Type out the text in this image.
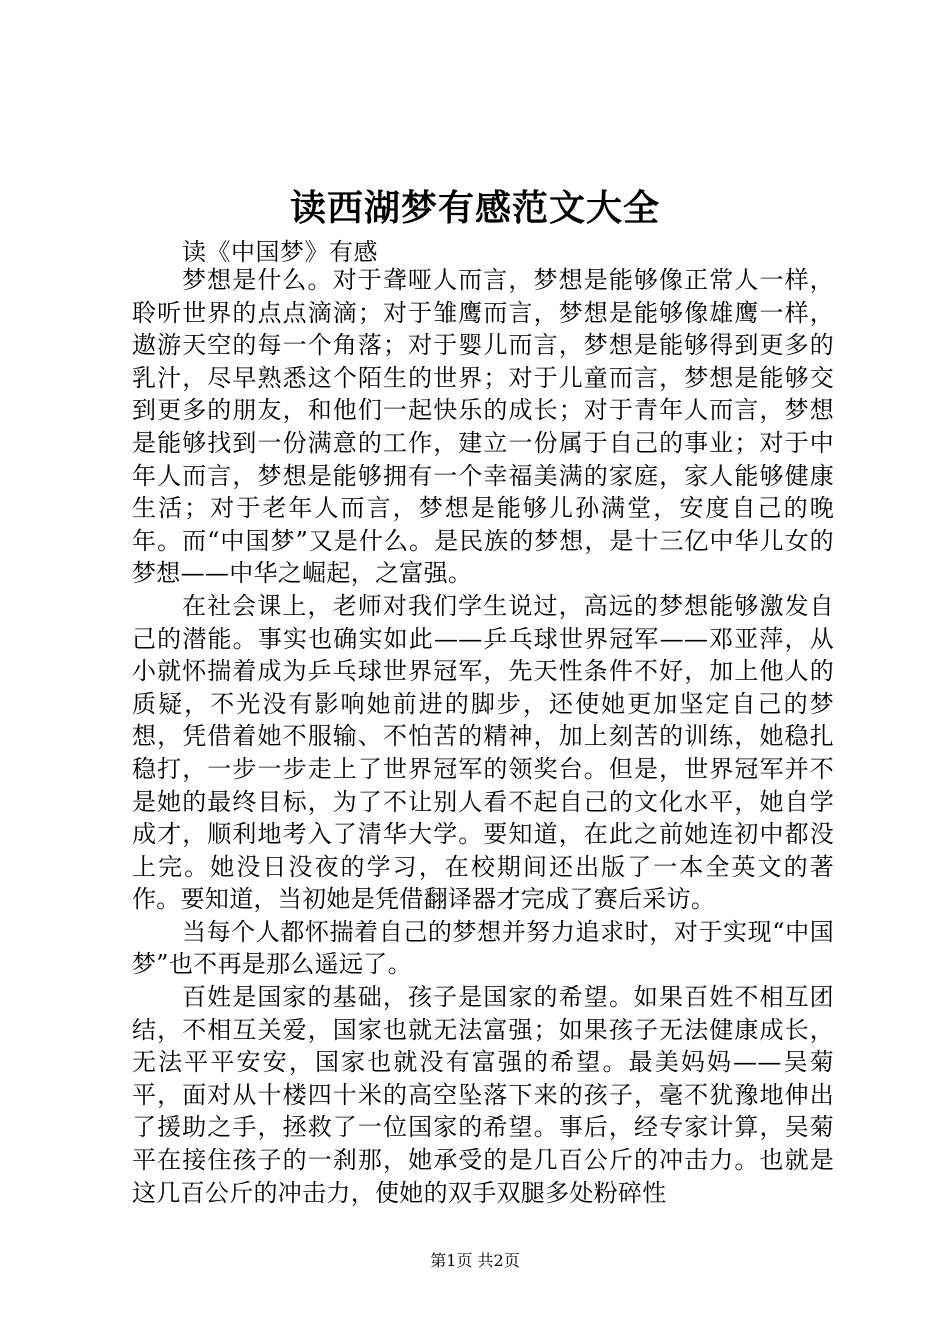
读西湖梦有感范文大全
读《中国梦》有感

梦想是什么。对于聋哑人而言，梦想是能够像正常人一样，聆听世界的点点滴滴；对于雏鹰而言，梦想是能够像雄鹰一样，遨游天空的每一个角落；对于婴儿而言，梦想是能够得到更多的乳汁，尽早熟悉这个陌生的世界；对于儿童而言，梦想是能够交到更多的朋友，和他们一起快乐的成长；对于青年人而言，梦想是能够找到一份满意的工作，建立一份属于自己的事业；对于中年人而言，梦想是能够拥有一个幸福美满的家庭，家人能够健康生活；对于老年人而言，梦想是能够儿孙满堂，安度自己的晚年。而“中国梦”又是什么。是民族的梦想，是十三亿中华儿女的梦想——中华之崛起，之富强。

在社会课上，老师对我们学生说过，高远的梦想能够激发自己的潜能。事实也确实如此——乒乓球世界冠军——邓亚萍，从小就怀揣着成为乒乓球世界冠军，先天性条件不好，加上他人的质疑，不光没有影响她前进的脚步，还使她更加坚定自己的梦想，凭借着她不服输、不怕苦的精神，加上刻苦的训练，她稳扎稳打，一步一步走上了世界冠军的领奖台。但是，世界冠军并不是她的最终目标，为了不让别人看不起自己的文化水平，她自学成才，顺利地考入了清华大学。要知道，在此之前她连初中都没上完。她没日没夜的学习，在校期间还出版了一本全英文的著作。要知道，当初她是凭借翻译器才完成了赛后采访。

当每个人都怀揣着自己的梦想并努力追求时，对于实现“中国梦”也不再是那么遥远了。

百姓是国家的基础，孩子是国家的希望。如果百姓不相互团结，不相互关爱，国家也就无法富强；如果孩子无法健康成长，无法平平安安，国家也就没有富强的希望。最美妈妈——吴菊平，面对从十楼四十米的高空坠落下来的孩子，毫不犹豫地伸出了援助之手，拯救了一位国家的希望。事后，经专家计算，吴菊平在接住孩子的一刹那，她承受的是几百公斤的冲击力。也就是这几百公斤的冲击力，使她的双手双腿多处粉碎性

第1页 共2页
